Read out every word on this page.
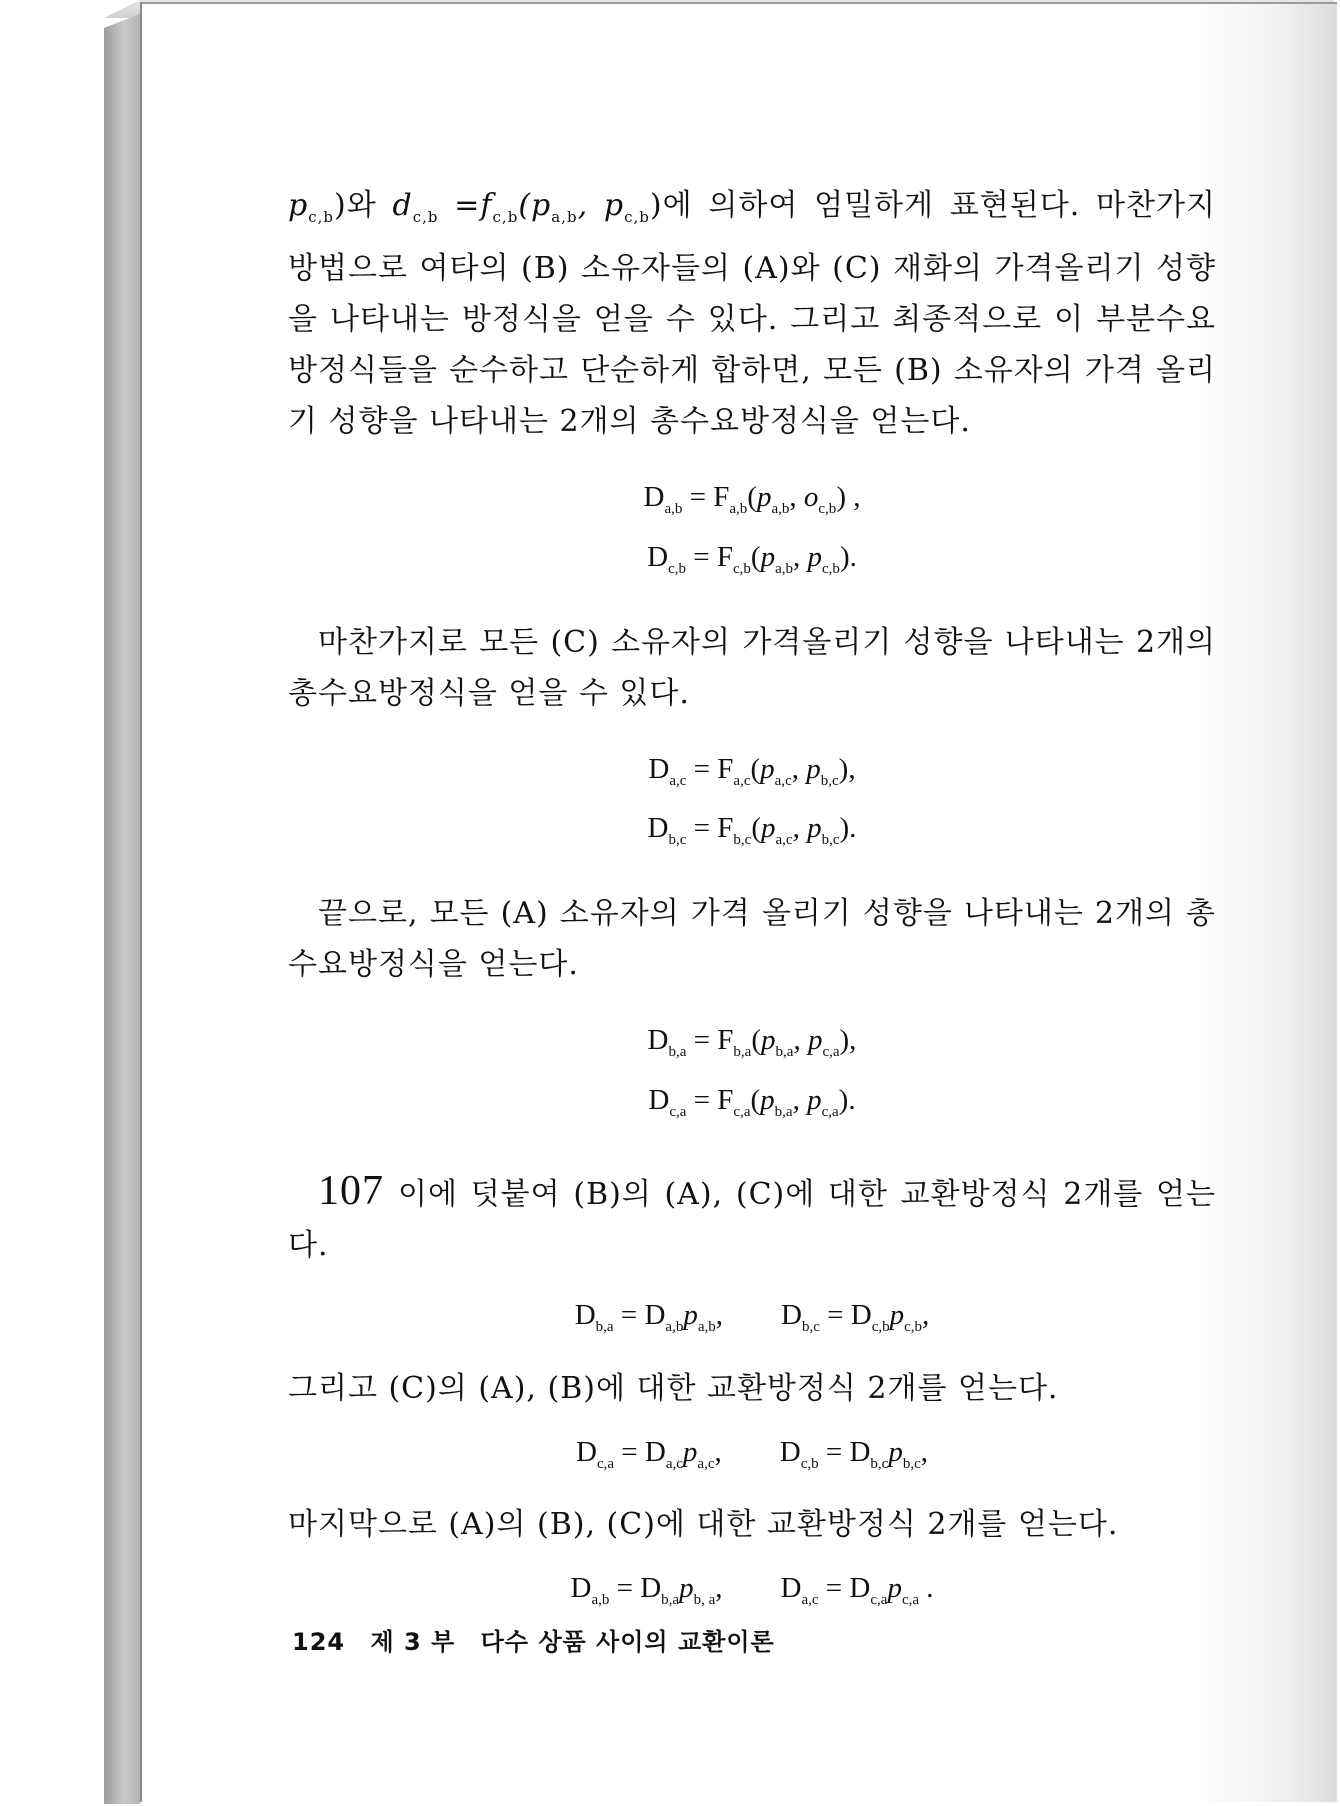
$p_{c,b}$)와 $d_{c,b} =f_{c,b}(p_{a,b}$, $p_{c,b}$)에 의하여 엄밀하게 표현된다. 마찬가지 방법으로 여타의 (B) 소유자들의 (A)와 (C) 재화의 가격올리기 성향을 나타내는 방정식을 얻을 수 있다. 그리고 최종적으로 이 부분수요 방정식들을 순수하고 단순하게 합하면, 모든 (B) 소유자의 가격 올리기 성향을 나타내는 2개의 총수요방정식을 얻는다.

$D_{a,b} = F_{a,b}(p_{a,b}$, $o_{c,b}$) ,

$D_{c,b} = F_{c,b}(p_{a,b}$, $p_{c,b}$).

마찬가지로 모든 (C) 소유자의 가격올리기 성향을 나타내는 2개의 총수요방정식을 얻을 수 있다.

$D_{a,c} = F_{a,c}(p_{a,c}$, $p_{b,c}$),

$D_{b,c} = F_{b,c}(p_{a,c}$, $p_{b,c}$).

끝으로, 모든 (A) 소유자의 가격 올리기 성향을 나타내는 2개의 총수요방정식을 얻는다.

$D_{b,a} = F_{b,a}(p_{b,a}$, $p_{c,a}$),

$D_{c,a} = F_{c,a}(p_{b,a}$, $p_{c,a}$).

107 이에 덧붙여 (B)의 (A), (C)에 대한 교환방정식 2개를 얻는다.

$D_{b,a} = D_{a,b}p_{a,b}$,   $D_{b,c} = D_{c,b}p_{c,b}$,

그리고 (C)의 (A), (B)에 대한 교환방정식 2개를 얻는다.

$D_{c,a} = D_{a,c}p_{a,c}$,   $D_{c,b} = D_{b,c}p_{b,c}$,

마지막으로 (A)의 (B), (C)에 대한 교환방정식 2개를 얻는다.

$D_{a,b} = D_{b,a}p_{b, a}$,   $D_{a,c} = D_{c,a}p_{c,a}$ .

124 제 3 부 다수 상품 사이의 교환이론
